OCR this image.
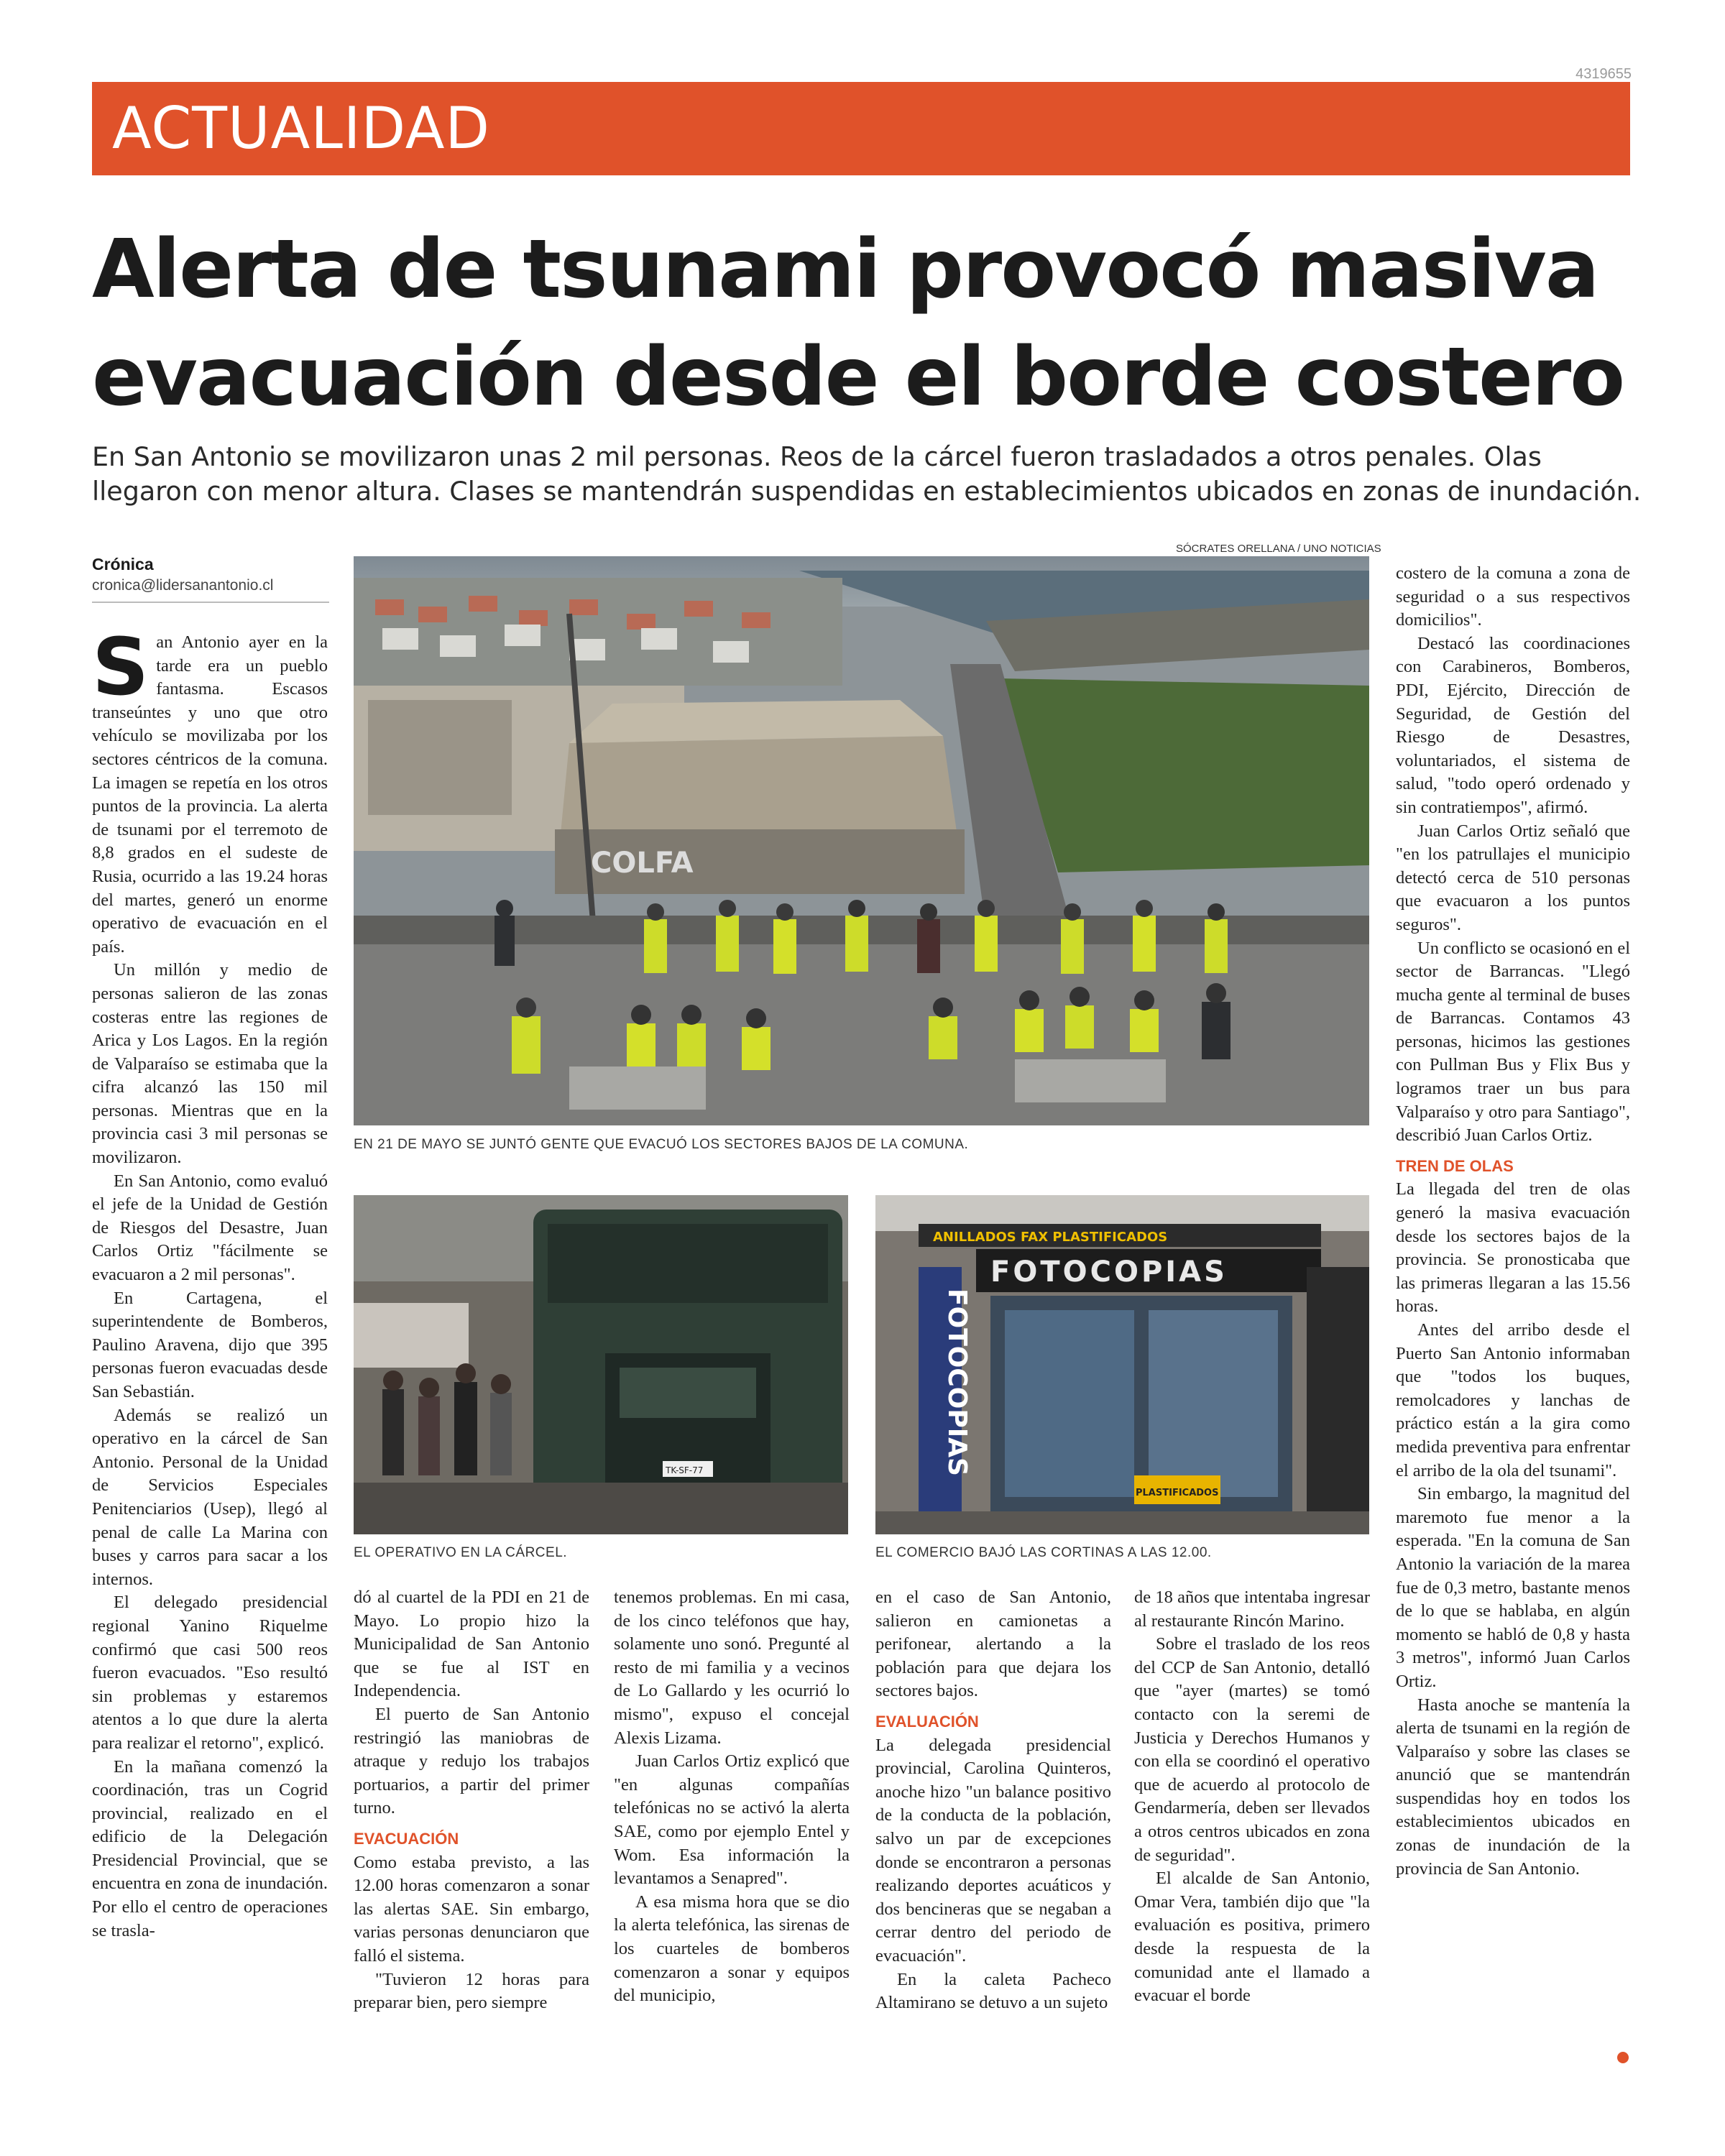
4319655
ACTUALIDAD
Alerta de tsunami provocó masiva
evacuación desde el borde costero
En San Antonio se movilizaron unas 2 mil personas. Reos de la cárcel fueron trasladados a otros penales. Olas
llegaron con menor altura. Clases se mantendrán suspendidas en establecimientos ubicados en zonas de inundación.
Crónica
cronica@lidersanantonio.cl
SÓCRATES ORELLANA / UNO NOTICIAS
COLFA
EN 21 DE MAYO SE JUNTÓ GENTE QUE EVACUÓ LOS SECTORES BAJOS DE LA COMUNA.
TK-SF-77
EL OPERATIVO EN LA CÁRCEL.
ANILLADOS FAX PLASTIFICADOS
FOTOCOPIAS
FOTOCOPIAS
PLASTIFICADOS
EL COMERCIO BAJÓ LAS CORTINAS A LAS 12.00.
S an Antonio ayer en la tarde era un pueblo fantasma. Escasos transeúntes y uno que otro vehículo se movilizaba por los sectores céntricos de la comuna. La imagen se repetía en los otros puntos de la provincia. La alerta de tsunami por el terremoto de 8,8 grados en el sudeste de Rusia, ocurrido a las 19.24 horas del martes, generó un enorme operativo de evacuación en el país.

Un millón y medio de personas salieron de las zonas costeras entre las regiones de Arica y Los Lagos. En la región de Valparaíso se estimaba que la cifra alcanzó las 150 mil personas. Mientras que en la provincia casi 3 mil personas se movilizaron.

En San Antonio, como evaluó el jefe de la Unidad de Gestión de Riesgos del Desastre, Juan Carlos Ortiz "fácilmente se evacuaron a 2 mil personas".

En Cartagena, el superintendente de Bomberos, Paulino Aravena, dijo que 395 personas fueron evacuadas desde San Sebastián.

Además se realizó un operativo en la cárcel de San Antonio. Personal de la Unidad de Servicios Especiales Penitenciarios (Usep), llegó al penal de calle La Marina con buses y carros para sacar a los internos.

El delegado presidencial regional Yanino Riquelme confirmó que casi 500 reos fueron evacuados. "Eso resultó sin problemas y estaremos atentos a lo que dure la alerta para realizar el retorno", explicó.

En la mañana comenzó la coordinación, tras un Cogrid provincial, realizado en el edificio de la Delegación Presidencial Provincial, que se encuentra en zona de inundación. Por ello el centro de operaciones se trasla-

dó al cuartel de la PDI en 21 de Mayo. Lo propio hizo la Municipalidad de San Antonio que se fue al IST en Independencia.

El puerto de San Antonio restringió las maniobras de atraque y redujo los trabajos portuarios, a partir del primer turno.

EVACUACIÓN

Como estaba previsto, a las 12.00 horas comenzaron a sonar las alertas SAE. Sin embargo, varias personas denunciaron que falló el sistema.

"Tuvieron 12 horas para preparar bien, pero siempre

tenemos problemas. En mi casa, de los cinco teléfonos que hay, solamente uno sonó. Pregunté al resto de mi familia y a vecinos de Lo Gallardo y les ocurrió lo mismo", expuso el concejal Alexis Lizama.

Juan Carlos Ortiz explicó que "en algunas compañías telefónicas no se activó la alerta SAE, como por ejemplo Entel y Wom. Esa información la levantamos a Senapred".

A esa misma hora que se dio la alerta telefónica, las sirenas de los cuarteles de bomberos comenzaron a sonar y equipos del municipio,

en el caso de San Antonio, salieron en camionetas a perifonear, alertando a la población para que dejara los sectores bajos.

EVALUACIÓN

La delegada presidencial provincial, Carolina Quinteros, anoche hizo "un balance positivo de la conducta de la población, salvo un par de excepciones donde se encontraron a personas realizando deportes acuáticos y dos bencineras que se negaban a cerrar dentro del periodo de evacuación".

En la caleta Pacheco Altamirano se detuvo a un sujeto

de 18 años que intentaba ingresar al restaurante Rincón Marino.

Sobre el traslado de los reos del CCP de San Antonio, detalló que "ayer (martes) se tomó contacto con la seremi de Justicia y Derechos Humanos y con ella se coordinó el operativo que de acuerdo al protocolo de Gendarmería, deben ser llevados a otros centros ubicados en zona de seguridad".

El alcalde de San Antonio, Omar Vera, también dijo que "la evaluación es positiva, primero desde la respuesta de la comunidad ante el llamado a evacuar el borde

costero de la comuna a zona de seguridad o a sus respectivos domicilios".

Destacó las coordinaciones con Carabineros, Bomberos, PDI, Ejército, Dirección de Seguridad, de Gestión del Riesgo de Desastres, voluntariados, el sistema de salud, "todo operó ordenado y sin contratiempos", afirmó.

Juan Carlos Ortiz señaló que "en los patrullajes el municipio detectó cerca de 510 personas que evacuaron a los puntos seguros".

Un conflicto se ocasionó en el sector de Barrancas. "Llegó mucha gente al terminal de buses de Barrancas. Contamos 43 personas, hicimos las gestiones con Pullman Bus y Flix Bus y logramos traer un bus para Valparaíso y otro para Santiago", describió Juan Carlos Ortiz.

TREN DE OLAS

La llegada del tren de olas generó la masiva evacuación desde los sectores bajos de la provincia. Se pronosticaba que las primeras llegaran a las 15.56 horas.

Antes del arribo desde el Puerto San Antonio informaban que "todos los buques, remolcadores y lanchas de práctico están a la gira como medida preventiva para enfrentar el arribo de la ola del tsunami".

Sin embargo, la magnitud del maremoto fue menor a la esperada. "En la comuna de San Antonio la variación de la marea fue de 0,3 metro, bastante menos de lo que se hablaba, en algún momento se habló de 0,8 y hasta 3 metros", informó Juan Carlos Ortiz.

Hasta anoche se mantenía la alerta de tsunami en la región de Valparaíso y sobre las clases se anunció que se mantendrán suspendidas hoy en todos los establecimientos ubicados en zonas de inundación de la provincia de San Antonio.
